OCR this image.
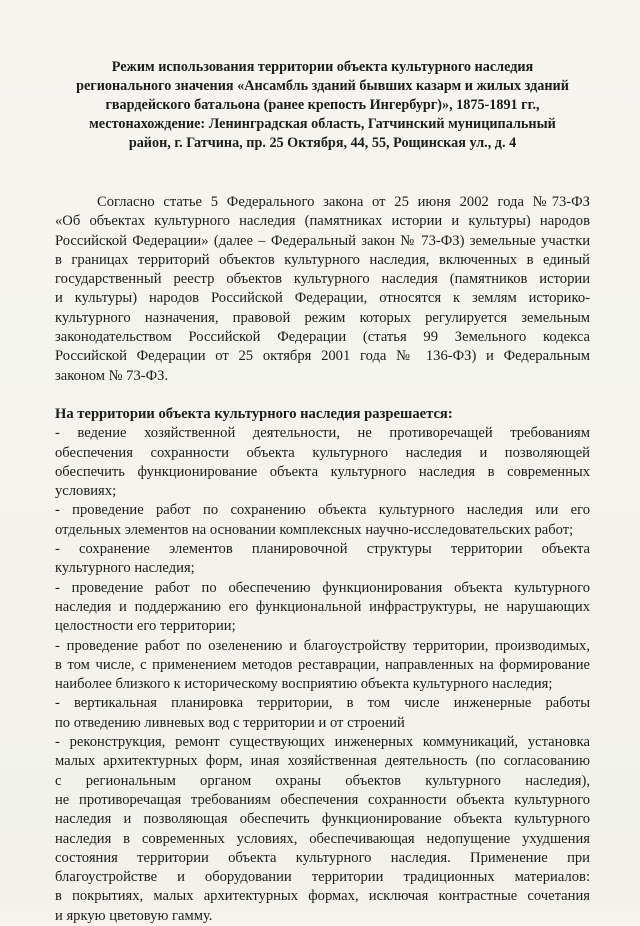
Режим использования территории объекта культурного наследия
регионального значения «Ансамбль зданий бывших казарм и жилых зданий
гвардейского батальона (ранее крепость Ингербург)», 1875-1891 гг.,
местонахождение: Ленинградская область, Гатчинский муниципальный
район, г. Гатчина, пр. 25 Октября, 44, 55, Рощинская ул., д. 4
Согласно статье 5 Федерального закона от 25 июня 2002 года №73-ФЗ
«Об объектах культурного наследия (памятниках истории и культуры) народов
Российской Федерации» (далее – Федеральный закон № 73-ФЗ) земельные участки
в границах территорий объектов культурного наследия, включенных в единый
государственный реестр объектов культурного наследия (памятников истории
и культуры) народов Российской Федерации, относятся к землям историко-
культурного назначения, правовой режим которых регулируется земельным
законодательством Российской Федерации (статья 99 Земельного кодекса
Российской Федерации от 25 октября 2001 года № 136-ФЗ) и Федеральным
законом № 73-ФЗ.
На территории объекта культурного наследия разрешается:
- ведение хозяйственной деятельности, не противоречащей требованиям
обеспечения сохранности объекта культурного наследия и позволяющей
обеспечить функционирование объекта культурного наследия в современных
условиях;
- проведение работ по сохранению объекта культурного наследия или его
отдельных элементов на основании комплексных научно-исследовательских работ;
- сохранение элементов планировочной структуры территории объекта
культурного наследия;
- проведение работ по обеспечению функционирования объекта культурного
наследия и поддержанию его функциональной инфраструктуры, не нарушающих
целостности его территории;
- проведение работ по озеленению и благоустройству территории, производимых,
в том числе, с применением методов реставрации, направленных на формирование
наиболее близкого к историческому восприятию объекта культурного наследия;
- вертикальная планировка территории, в том числе инженерные работы
по отведению ливневых вод с территории и от строений
- реконструкция, ремонт существующих инженерных коммуникаций, установка
малых архитектурных форм, иная хозяйственная деятельность (по согласованию
с региональным органом охраны объектов культурного наследия),
не противоречащая требованиям обеспечения сохранности объекта культурного
наследия и позволяющая обеспечить функционирование объекта культурного
наследия в современных условиях, обеспечивающая недопущение ухудшения
состояния территории объекта культурного наследия. Применение при
благоустройстве и оборудовании территории традиционных материалов:
в покрытиях, малых архитектурных формах, исключая контрастные сочетания
и яркую цветовую гамму.
